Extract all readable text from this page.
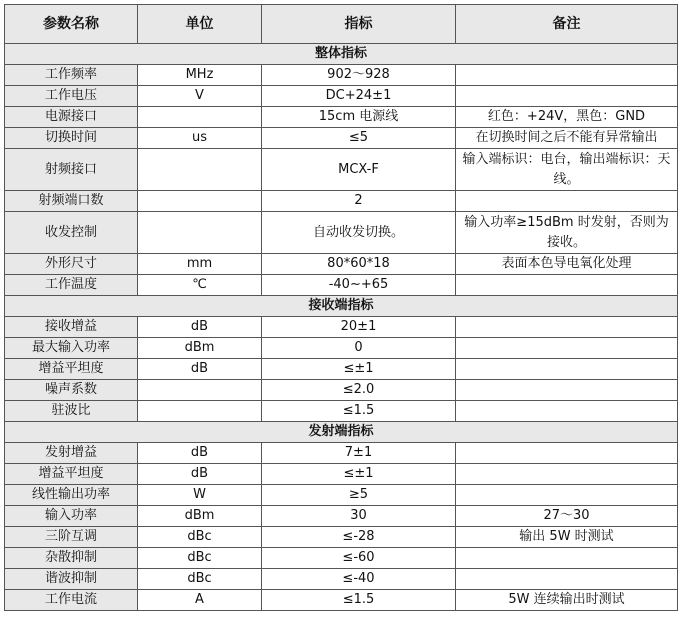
参数名称	单位	指标	备注
整体指标			
工作频率	MHz	902～928	
工作电压	V	DC+24±1	
电源接口		15cm 电源线	红色：+24V，黑色：GND
切换时间	us	≤5	在切换时间之后不能有异常输出
射频接口		MCX-F	输入端标识：电台，输出端标识：天线。
射频端口数		2	
收发控制		自动收发切换。	输入功率≥15dBm 时发射，否则为接收。
外形尺寸	mm	80*60*18	表面本色导电氧化处理
工作温度	℃	-40~+65	
接收端指标			
接收增益	dB	20±1	
最大输入功率	dBm	0	
增益平坦度	dB	≤±1	
噪声系数		≤2.0	
驻波比		≤1.5	
发射端指标			
发射增益	dB	7±1	
增益平坦度	dB	≤±1	
线性输出功率	W	≥5	
输入功率	dBm	30	27～30
三阶互调	dBc	≤-28	输出 5W 时测试
杂散抑制	dBc	≤-60	
谐波抑制	dBc	≤-40	
工作电流	A	≤1.5	5W 连续输出时测试
